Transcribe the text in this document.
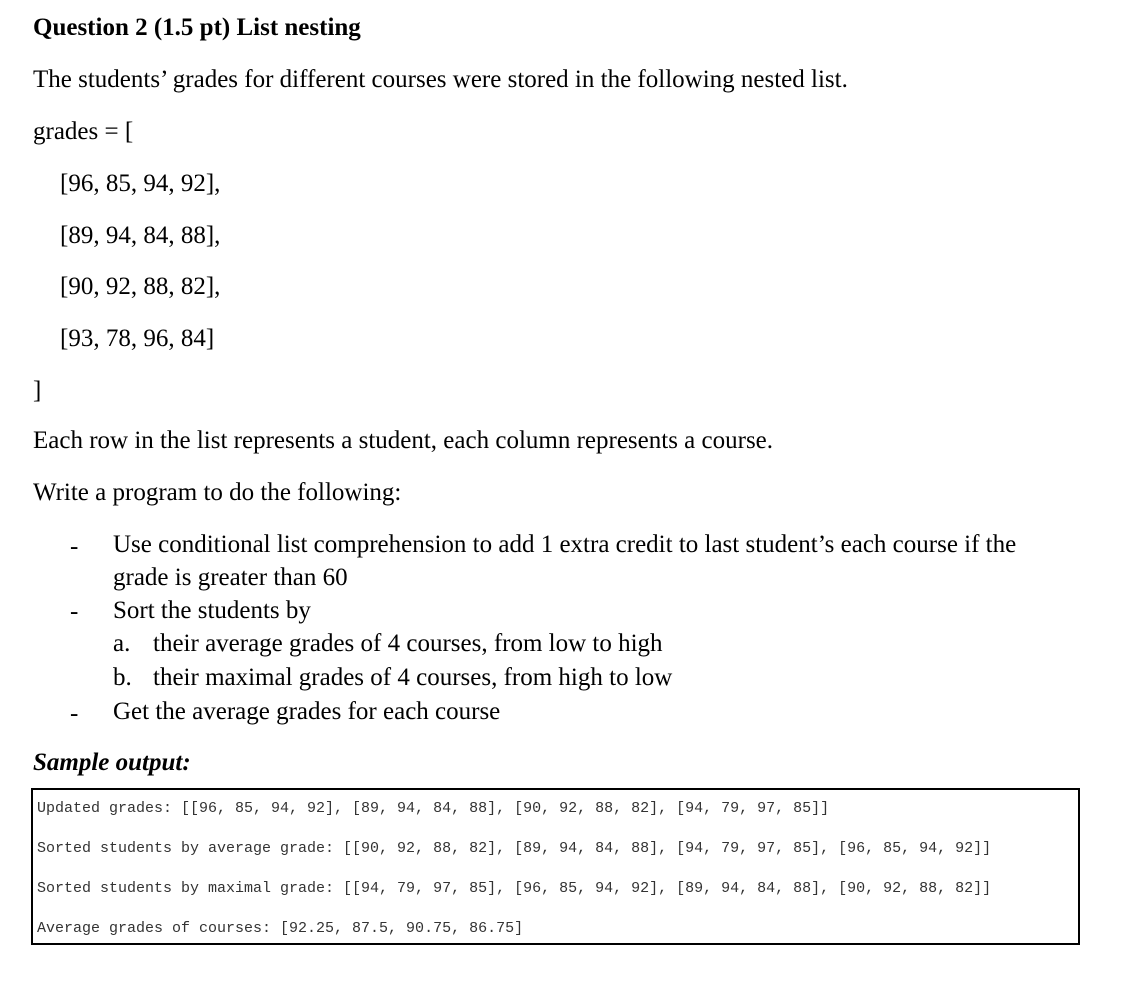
Question 2 (1.5 pt) List nesting
The students’ grades for different courses were stored in the following nested list.
grades = [
[96, 85, 94, 92],
[89, 94, 84, 88],
[90, 92, 88, 82],
[93, 78, 96, 84]
]
Each row in the list represents a student, each column represents a course.
Write a program to do the following:
- Use conditional list comprehension to add 1 extra credit to last student’s each course if the grade is greater than 60
- Sort the students by
a. their average grades of 4 courses, from low to high
b. their maximal grades of 4 courses, from high to low
- Get the average grades for each course
Sample output:
Updated grades: [[96, 85, 94, 92], [89, 94, 84, 88], [90, 92, 88, 82], [94, 79, 97, 85]]
Sorted students by average grade: [[90, 92, 88, 82], [89, 94, 84, 88], [94, 79, 97, 85], [96, 85, 94, 92]]
Sorted students by maximal grade: [[94, 79, 97, 85], [96, 85, 94, 92], [89, 94, 84, 88], [90, 92, 88, 82]]
Average grades of courses: [92.25, 87.5, 90.75, 86.75]
